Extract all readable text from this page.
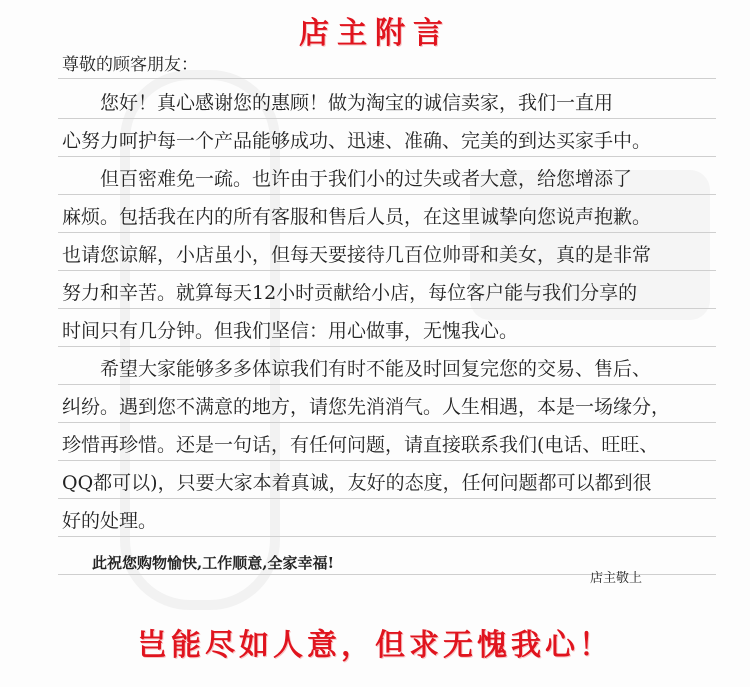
店主附言
尊敬的顾客朋友：
　　您好！真心感谢您的惠顾！做为淘宝的诚信卖家，我们一直用
心努力呵护每一个产品能够成功、迅速、准确、完美的到达买家手中。
　　但百密难免一疏。也许由于我们小的过失或者大意，给您增添了
麻烦。包括我在内的所有客服和售后人员，在这里诚挚向您说声抱歉。
也请您谅解，小店虽小，但每天要接待几百位帅哥和美女，真的是非常
努力和辛苦。就算每天12小时贡献给小店，每位客户能与我们分享的
时间只有几分钟。但我们坚信：用心做事，无愧我心。
　　希望大家能够多多体谅我们有时不能及时回复完您的交易、售后、
纠纷。遇到您不满意的地方，请您先消消气。人生相遇，本是一场缘分，
珍惜再珍惜。还是一句话，有任何问题，请直接联系我们(电话、旺旺、
QQ都可以)，只要大家本着真诚，友好的态度，任何问题都可以都到很
好的处理。
　　此祝您购物愉快,工作顺意,全家幸福!
店主敬上
岂能尽如人意，但求无愧我心！
